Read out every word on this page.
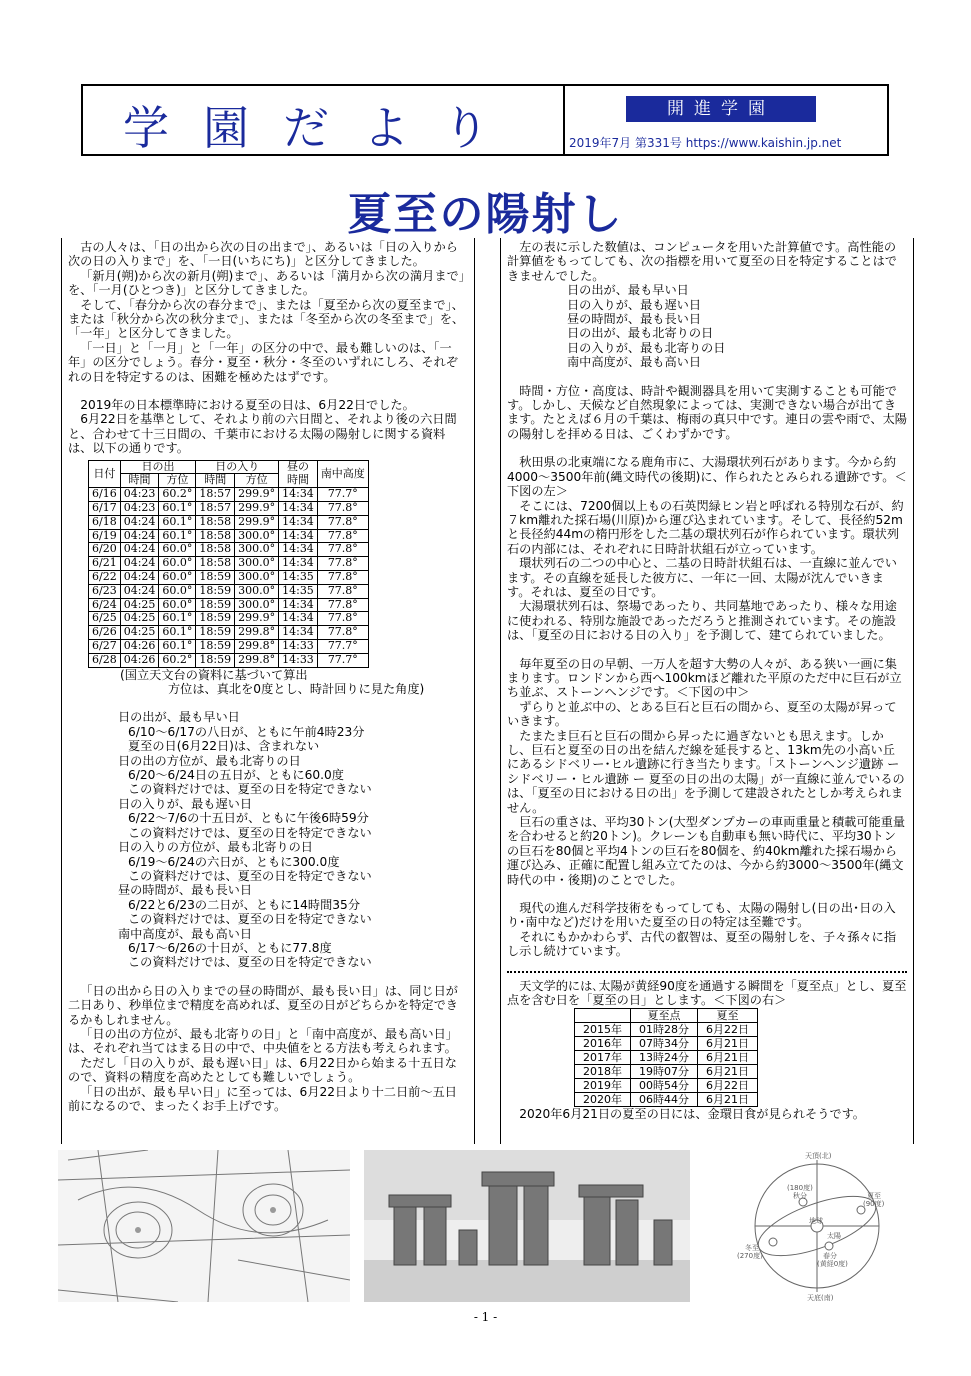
学園だより	開進学園
2019年7月 第331号 https://www.kaishin.jp.net
夏至の陽射し

古の人々は、「日の出から次の日の出まで」、あるいは「日の入りから次の日の入りまで」を、「一日(いちにち)」と区分してきました。

「新月(朔)から次の新月(朔)まで」、あるいは「満月から次の満月まで」を、「一月(ひとつき)」と区分してきました。

そして、「春分から次の春分まで」、または「夏至から次の夏至まで」、または「秋分から次の秋分まで」、または「冬至から次の冬至まで」を、「一年」と区分してきました。

「一日」と「一月」と「一年」の区分の中で、最も難しいのは、「一年」の区分でしょう。春分・夏至・秋分・冬至のいずれにしろ、それぞれの日を特定するのは、困難を極めたはずです。

2019年の日本標準時における夏至の日は、6月22日でした。

6月22日を基準として、それより前の六日間と、それより後の六日間と、合わせて十三日間の、千葉市における太陽の陽射しに関する資料は、以下の通りです。

日付	日の出		日の入り		昼の	南中高度
	時間	方位	時間	方位	時間	
6/16	04:23	60.2°	18:57	299.9°	14:34	77.7°
6/17	04:23	60.1°	18:57	299.9°	14:34	77.8°
6/18	04:24	60.1°	18:58	299.9°	14:34	77.8°
6/19	04:24	60.1°	18:58	300.0°	14:34	77.8°
6/20	04:24	60.0°	18:58	300.0°	14:34	77.8°
6/21	04:24	60.0°	18:58	300.0°	14:34	77.8°
6/22	04:24	60.0°	18:59	300.0°	14:35	77.8°
6/23	04:24	60.0°	18:59	300.0°	14:35	77.8°
6/24	04:25	60.0°	18:59	300.0°	14:34	77.8°
6/25	04:25	60.1°	18:59	299.9°	14:34	77.8°
6/26	04:25	60.1°	18:59	299.8°	14:34	77.8°
6/27	04:26	60.1°	18:59	299.8°	14:33	77.7°
6/28	04:26	60.2°	18:59	299.8°	14:33	77.7°

(国立天文台の資料に基づいて算出

方位は、真北を0度とし、時計回りに見た角度)

日の出が、最も早い日

6/10〜6/17の八日が、ともに午前4時23分

夏至の日(6月22日)は、含まれない

日の出の方位が、最も北寄りの日

6/20〜6/24日の五日が、ともに60.0度

この資料だけでは、夏至の日を特定できない

日の入りが、最も遅い日

6/22〜7/6の十五日が、ともに午後6時59分

この資料だけでは、夏至の日を特定できない

日の入りの方位が、最も北寄りの日

6/19〜6/24の六日が、ともに300.0度

この資料だけでは、夏至の日を特定できない

昼の時間が、最も長い日

6/22と6/23の二日が、ともに14時間35分

この資料だけでは、夏至の日を特定できない

南中高度が、最も高い日

6/17〜6/26の十日が、ともに77.8度

この資料だけでは、夏至の日を特定できない

「日の出から日の入りまでの昼の時間が、最も長い日」は、同じ日が二日あり、秒単位まで精度を高めれば、夏至の日がどちらかを特定できるかもしれません。

「日の出の方位が、最も北寄りの日」と「南中高度が、最も高い日」は、それぞれ当てはまる日の中で、中央値をとる方法も考えられます。

ただし「日の入りが、最も遅い日」は、6月22日から始まる十五日なので、資料の精度を高めたとしても難しいでしょう。

「日の出が、最も早い日」に至っては、6月22日より十二日前〜五日前になるので、まったくお手上げです。

左の表に示した数値は、コンピュータを用いた計算値です。高性能の計算値をもってしても、次の指標を用いて夏至の日を特定することはできませんでした。

日の出が、最も早い日

日の入りが、最も遅い日

昼の時間が、最も長い日

日の出が、最も北寄りの日

日の入りが、最も北寄りの日

南中高度が、最も高い日

時間・方位・高度は、時計や観測器具を用いて実測することも可能です。しかし、天候など自然現象によっては、実測できない場合が出てきます。たとえば６月の千葉は、梅雨の真只中です。連日の雲や雨で、太陽の陽射しを拝める日は、ごくわずかです。

秋田県の北東端になる鹿角市に、大湯環状列石があります。今から約4000〜3500年前(縄文時代の後期)に、作られたとみられる遺跡です。＜下図の左＞

そこには、7200個以上もの石英閃緑ヒン岩と呼ばれる特別な石が、約７km離れた採石場(川原)から運び込まれています。そして、長径約52mと長径約44mの楕円形をした二基の環状列石が作られています。環状列石の内部には、それぞれに日時計状組石が立っています。

環状列石の二つの中心と、二基の日時計状組石は、一直線に並んでいます。その直線を延長した彼方に、一年に一回、太陽が沈んでいきます。それは、夏至の日です。

大湯環状列石は、祭場であったり、共同墓地であったり、様々な用途に使われる、特別な施設であっただろうと推測されています。その施設は、「夏至の日における日の入り」を予測して、建てられていました。

毎年夏至の日の早朝、一万人を超す大勢の人々が、ある狭い一画に集まります。ロンドンから西へ100kmほど離れた平原のただ中に巨石が立ち並ぶ、ストーンヘンジです。＜下図の中＞

ずらりと並ぶ中の、とある巨石と巨石の間から、夏至の太陽が昇っていきます。

たまたま巨石と巨石の間から昇ったに過ぎないとも思えます。しかし、巨石と夏至の日の出を結んだ線を延長すると、13km先の小高い丘にあるシドベリー･ヒル遺跡に行き当たります。「ストーンヘンジ遺跡 ー シドベリー・ヒル遺跡 ー 夏至の日の出の太陽」が一直線に並んでいるのは、「夏至の日における日の出」を予測して建設されたとしか考えられません。

巨石の重さは、平均30トン(大型ダンプカーの車両重量と積載可能重量を合わせると約20トン)。クレーンも自動車も無い時代に、平均30トンの巨石を80個と平均4トンの巨石を80個を、約40km離れた採石場から運び込み、正確に配置し組み立てたのは、今から約3000〜3500年(縄文時代の中・後期)のことでした。

現代の進んだ科学技術をもってしても、太陽の陽射し(日の出･日の入り･南中など)だけを用いた夏至の日の特定は至難です。

それにもかかわらず、古代の叡智は、夏至の陽射しを、子々孫々に指し示し続けています。

天文学的には､太陽が黄経90度を通過する瞬間を「夏至点」とし、夏至点を含む日を「夏至の日」とします。＜下図の右＞

	夏至点	夏至
2015年	01時28分	6月22日
2016年	07時34分	6月21日
2017年	13時24分	6月21日
2018年	19時07分	6月21日
2019年	00時54分	6月22日
2020年	06時44分	6月21日

2020年6月21日の夏至の日には、金環日食が見られそうです。

天頂(北)
(180度)
秋分	夏至
(90度)
地球
太陽
冬至
(270度)	春分
(黄経0度)
天底(南)
- 1 -
